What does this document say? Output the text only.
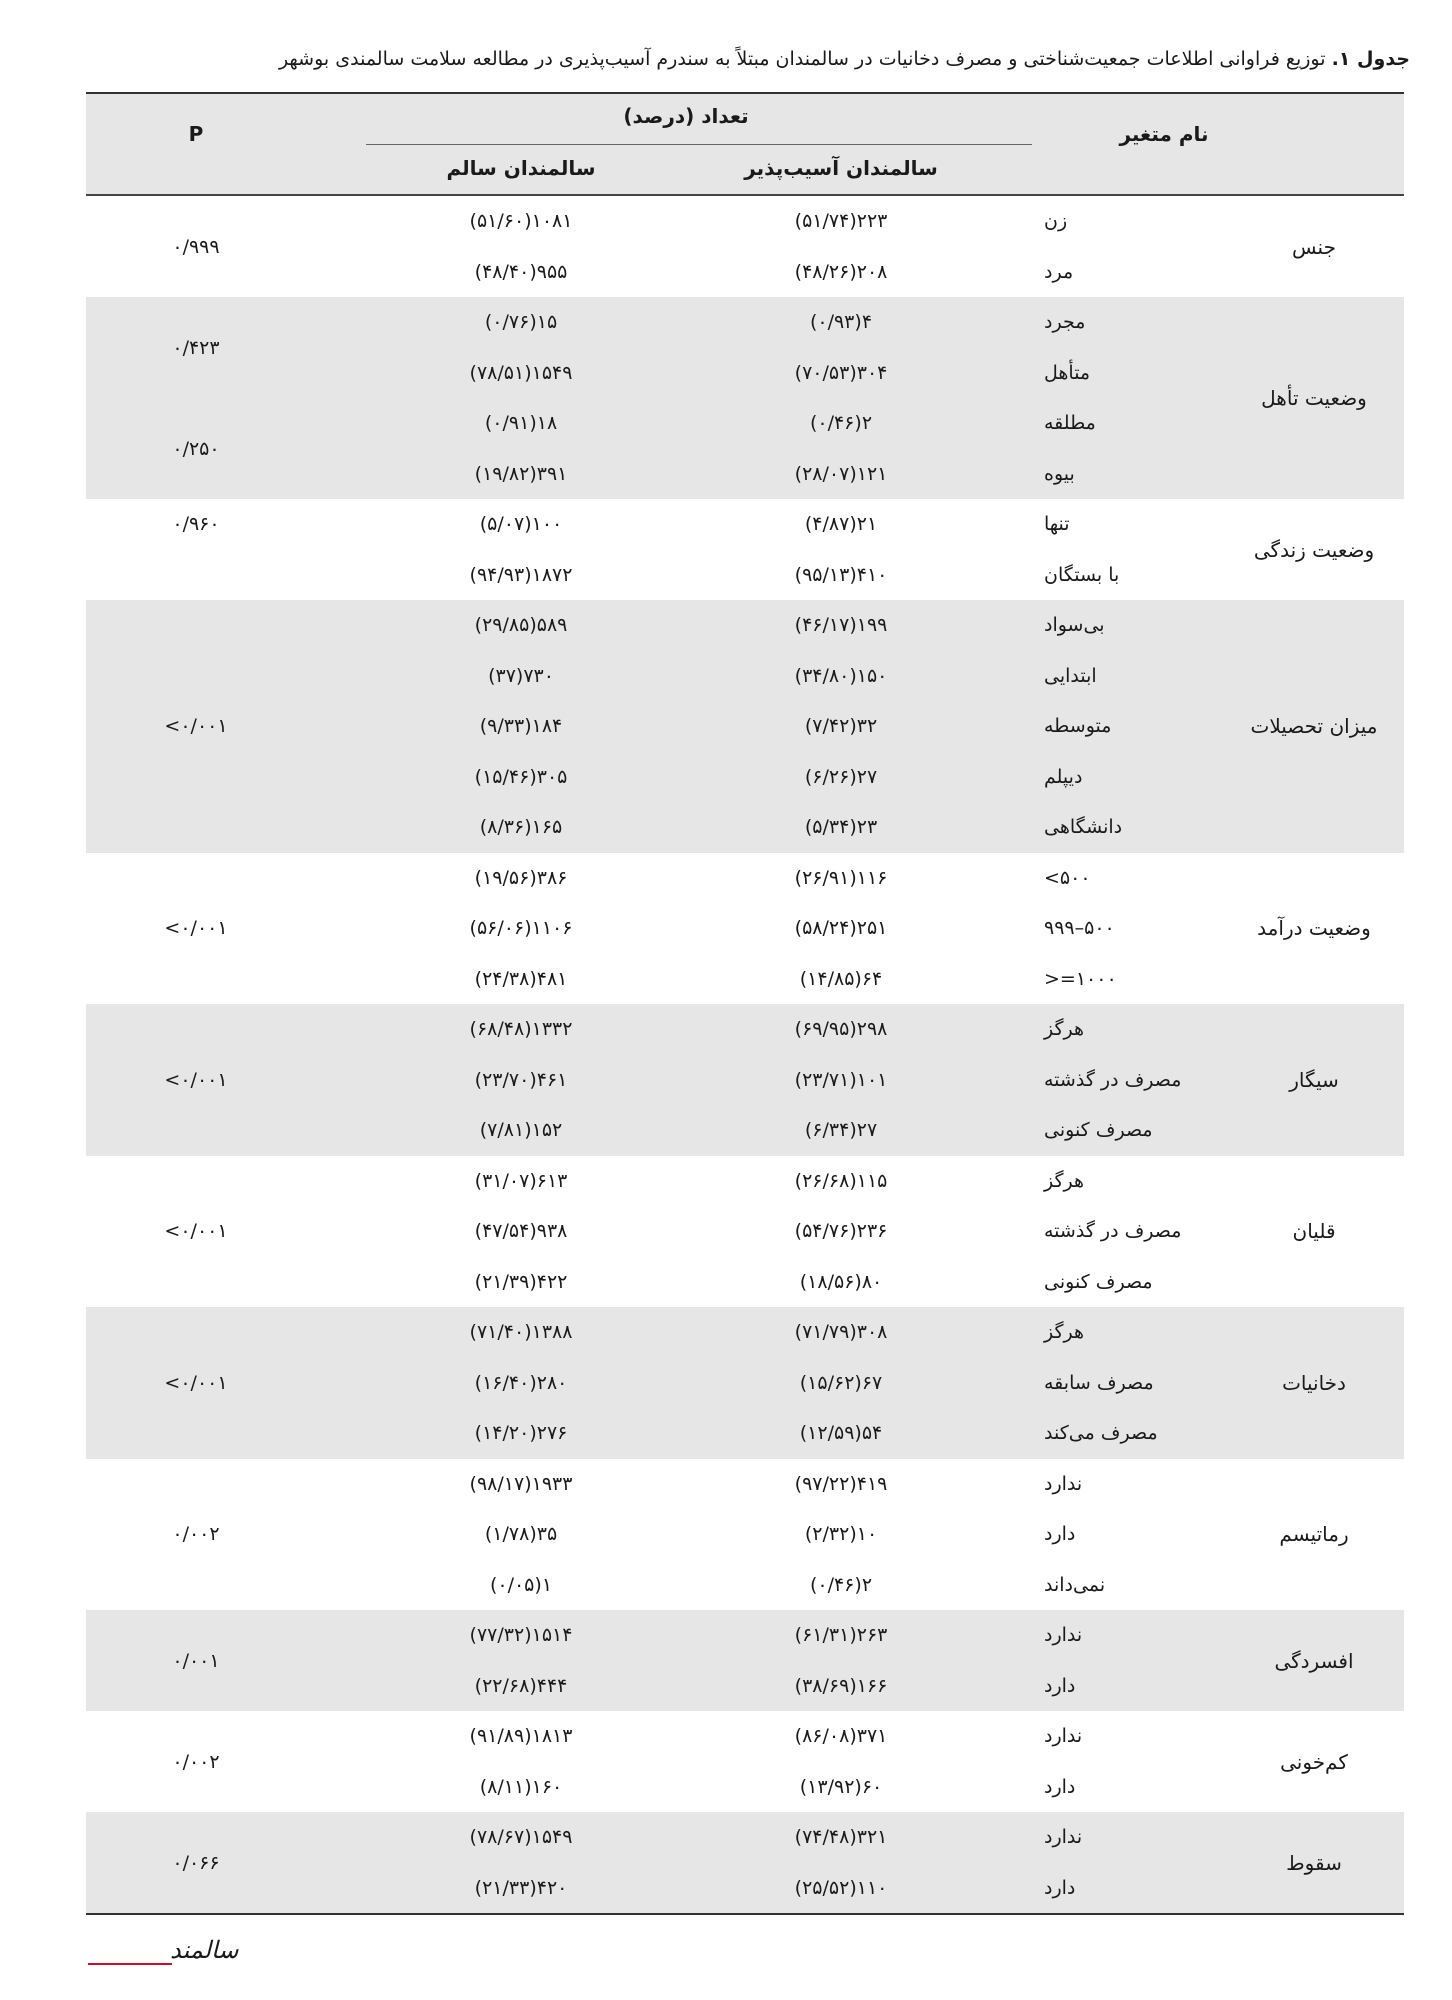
جدول ۱. توزیع فراوانی اطلاعات جمعیت‌شناختی و مصرف دخانیات در سالمندان مبتلاً به سندرم آسیب‌پذیری در مطالعه سلامت سالمندی بوشهر
نام متغیر
تعداد (درصد)
سالمندان آسیب‌پذیر
سالمندان سالم
P
جنس
زن
۲۲۳(۵۱/۷۴)
۱۰۸۱(۵۱/۶۰)
مرد
۲۰۸(۴۸/۲۶)
۹۵۵(۴۸/۴۰)
۰/۹۹۹
وضعیت تأهل
مجرد
۴(۰/۹۳)
۱۵(۰/۷۶)
متأهل
۳۰۴(۷۰/۵۳)
۱۵۴۹(۷۸/۵۱)
مطلقه
۲(۰/۴۶)
۱۸(۰/۹۱)
بیوه
۱۲۱(۲۸/۰۷)
۳۹۱(۱۹/۸۲)
۰/۴۲۳
۰/۲۵۰
وضعیت زندگی
تنها
۲۱(۴/۸۷)
۱۰۰(۵/۰۷)
با بستگان
۴۱۰(۹۵/۱۳)
۱۸۷۲(۹۴/۹۳)
۰/۹۶۰
میزان تحصیلات
بی‌سواد
۱۹۹(۴۶/۱۷)
۵۸۹(۲۹/۸۵)
ابتدایی
۱۵۰(۳۴/۸۰)
۷۳۰(۳۷)
متوسطه
۳۲(۷/۴۲)
۱۸۴(۹/۳۳)
دیپلم
۲۷(۶/۲۶)
۳۰۵(۱۵/۴۶)
دانشگاهی
۲۳(۵/۳۴)
۱۶۵(۸/۳۶)
<۰/۰۰۱
وضعیت درآمد
۵۰۰>
۱۱۶(۲۶/۹۱)
۳۸۶(۱۹/۵۶)
۵۰۰–۹۹۹
۲۵۱(۵۸/۲۴)
۱۱۰۶(۵۶/۰۶)
۱۰۰۰=<
۶۴(۱۴/۸۵)
۴۸۱(۲۴/۳۸)
<۰/۰۰۱
سیگار
هرگز
۲۹۸(۶۹/۹۵)
۱۳۳۲(۶۸/۴۸)
مصرف در گذشته
۱۰۱(۲۳/۷۱)
۴۶۱(۲۳/۷۰)
مصرف کنونی
۲۷(۶/۳۴)
۱۵۲(۷/۸۱)
<۰/۰۰۱
قلیان
هرگز
۱۱۵(۲۶/۶۸)
۶۱۳(۳۱/۰۷)
مصرف در گذشته
۲۳۶(۵۴/۷۶)
۹۳۸(۴۷/۵۴)
مصرف کنونی
۸۰(۱۸/۵۶)
۴۲۲(۲۱/۳۹)
<۰/۰۰۱
دخانیات
هرگز
۳۰۸(۷۱/۷۹)
۱۳۸۸(۷۱/۴۰)
مصرف سابقه
۶۷(۱۵/۶۲)
۲۸۰(۱۶/۴۰)
مصرف می‌کند
۵۴(۱۲/۵۹)
۲۷۶(۱۴/۲۰)
<۰/۰۰۱
رماتیسم
ندارد
۴۱۹(۹۷/۲۲)
۱۹۳۳(۹۸/۱۷)
دارد
۱۰(۲/۳۲)
۳۵(۱/۷۸)
نمی‌داند
۲(۰/۴۶)
۱(۰/۰۵)
۰/۰۰۲
افسردگی
ندارد
۲۶۳(۶۱/۳۱)
۱۵۱۴(۷۷/۳۲)
دارد
۱۶۶(۳۸/۶۹)
۴۴۴(۲۲/۶۸)
۰/۰۰۱
کم‌خونی
ندارد
۳۷۱(۸۶/۰۸)
۱۸۱۳(۹۱/۸۹)
دارد
۶۰(۱۳/۹۲)
۱۶۰(۸/۱۱)
۰/۰۰۲
سقوط
ندارد
۳۲۱(۷۴/۴۸)
۱۵۴۹(۷۸/۶۷)
دارد
۱۱۰(۲۵/۵۲)
۴۲۰(۲۱/۳۳)
۰/۰۶۶
سالمند
